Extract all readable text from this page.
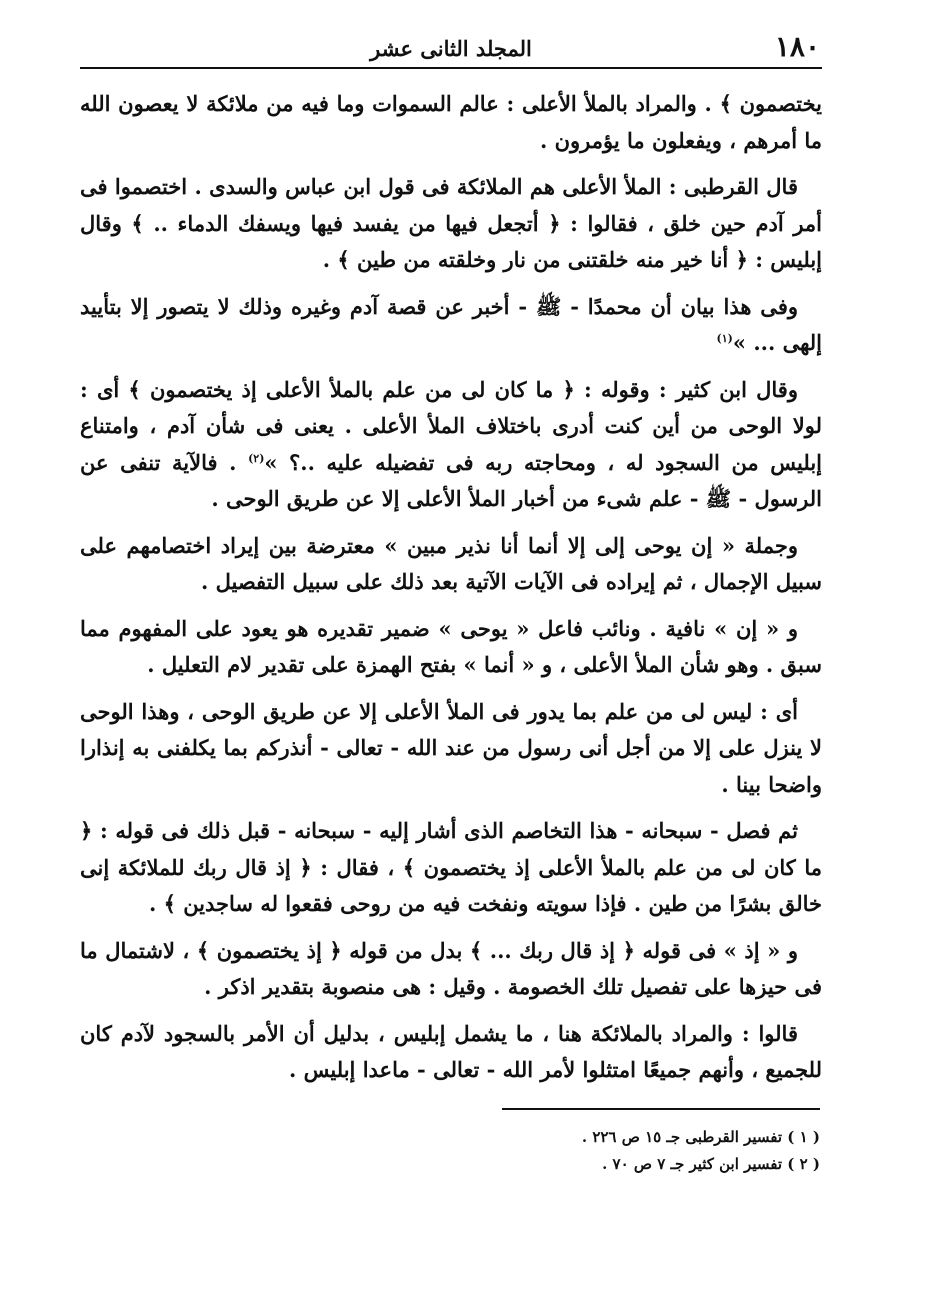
١٨٠
المجلد الثانى عشر

يختصمون ﴾ . والمراد بالملأ الأعلى : عالم السموات وما فيه من ملائكة لا يعصون الله ما أمرهم ، ويفعلون ما يؤمرون .

قال القرطبى : الملأ الأعلى هم الملائكة فى قول ابن عباس والسدى . اختصموا فى أمر آدم حين خلق ، فقالوا : ﴿ أتجعل فيها من يفسد فيها ويسفك الدماء .. ﴾ وقال إبليس : ﴿ أنا خير منه خلقتنى من نار وخلقته من طين ﴾ .

وفى هذا بيان أن محمدًا - ﷺ - أخبر عن قصة آدم وغيره وذلك لا يتصور إلا بتأييد إلهى ... »$^{(١)}$

وقال ابن كثير : وقوله : ﴿ ما كان لى من علم بالملأ الأعلى إذ يختصمون ﴾ أى : لولا الوحى من أين كنت أدرى باختلاف الملأ الأعلى . يعنى فى شأن آدم ، وامتناع إبليس من السجود له ، ومحاجته ربه فى تفضيله عليه ..؟ »$^{(٢)}$ . فالآية تنفى عن الرسول - ﷺ - علم شىء من أخبار الملأ الأعلى إلا عن طريق الوحى .

وجملة « إن يوحى إلى إلا أنما أنا نذير مبين » معترضة بين إيراد اختصامهم على سبيل الإجمال ، ثم إيراده فى الآيات الآتية بعد ذلك على سبيل التفصيل .

و « إن » نافية . ونائب فاعل « يوحى » ضمير تقديره هو يعود على المفهوم مما سبق . وهو شأن الملأ الأعلى ، و « أنما » بفتح الهمزة على تقدير لام التعليل .

أى : ليس لى من علم بما يدور فى الملأ الأعلى إلا عن طريق الوحى ، وهذا الوحى لا ينزل على إلا من أجل أنى رسول من عند الله - تعالى - أنذركم بما يكلفنى به إنذارا واضحا بينا .

ثم فصل - سبحانه - هذا التخاصم الذى أشار إليه - سبحانه - قبل ذلك فى قوله : ﴿ ما كان لى من علم بالملأ الأعلى إذ يختصمون ﴾ ، فقال : ﴿ إذ قال ربك للملائكة إنى خالق بشرًا من طين . فإذا سويته ونفخت فيه من روحى فقعوا له ساجدين ﴾ .

و « إذ » فى قوله ﴿ إذ قال ربك ... ﴾ بدل من قوله ﴿ إذ يختصمون ﴾ ، لاشتمال ما فى حيزها على تفصيل تلك الخصومة . وقيل : هى منصوبة بتقدير اذكر .

قالوا : والمراد بالملائكة هنا ، ما يشمل إبليس ، بدليل أن الأمر بالسجود لآدم كان للجميع ، وأنهم جميعًا امتثلوا لأمر الله - تعالى - ماعدا إبليس .

( ١ ) تفسير القرطبى جـ ١٥ ص ٢٢٦ .

( ٢ ) تفسير ابن كثير جـ ٧ ص ٧٠ .
